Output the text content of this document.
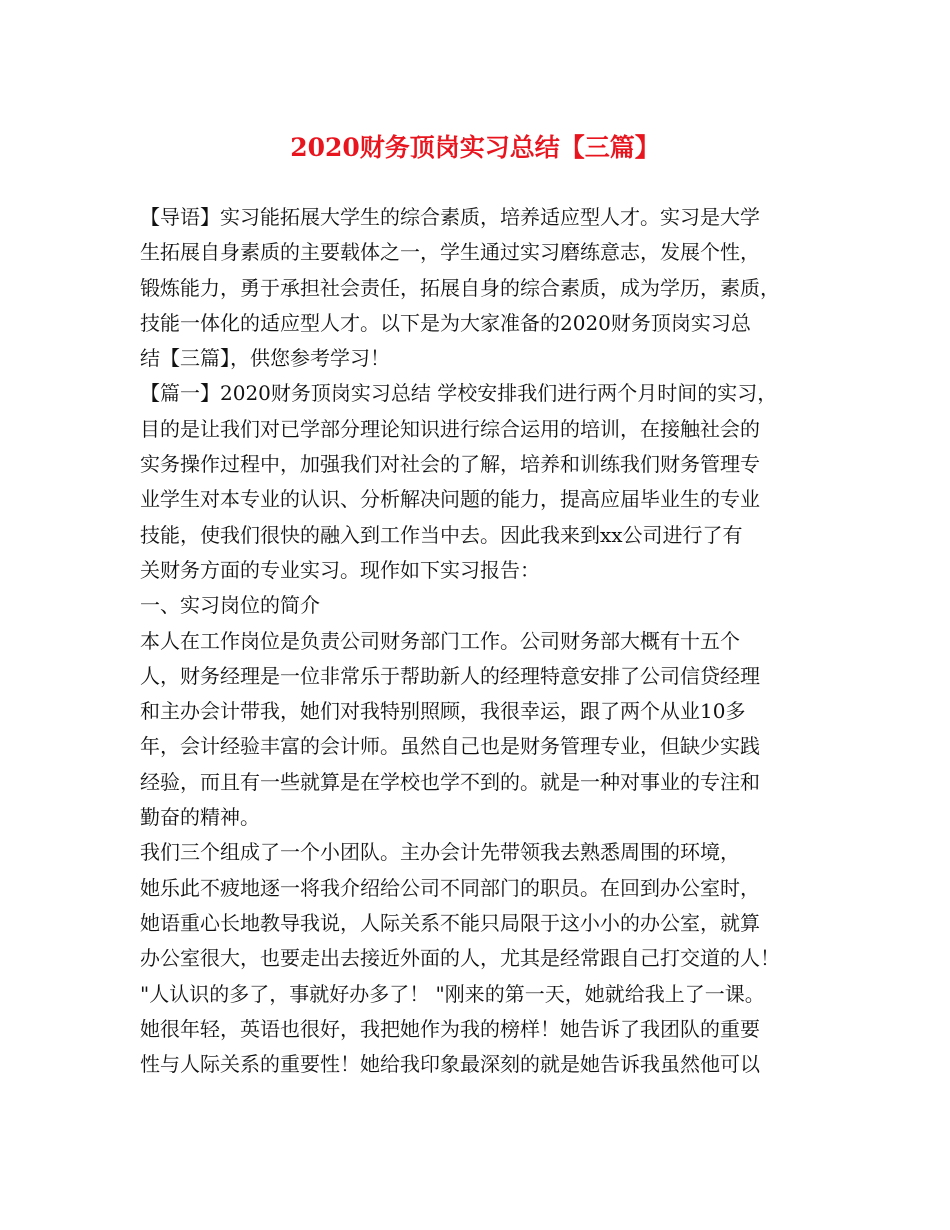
2020财务顶岗实习总结【三篇】
【导语】实习能拓展大学生的综合素质，培养适应型人才。实习是大学
生拓展自身素质的主要载体之一，学生通过实习磨练意志，发展个性，
锻炼能力，勇于承担社会责任，拓展自身的综合素质，成为学历，素质，
技能一体化的适应型人才。以下是为大家准备的2020财务顶岗实习总
结【三篇】，供您参考学习！
【篇一】2020财务顶岗实习总结 学校安排我们进行两个月时间的实习，
目的是让我们对已学部分理论知识进行综合运用的培训，在接触社会的
实务操作过程中，加强我们对社会的了解，培养和训练我们财务管理专
业学生对本专业的认识、分析解决问题的能力，提高应届毕业生的专业
技能，使我们很快的融入到工作当中去。因此我来到xx公司进行了有
关财务方面的专业实习。现作如下实习报告：
一、实习岗位的简介
本人在工作岗位是负责公司财务部门工作。公司财务部大概有十五个
人，财务经理是一位非常乐于帮助新人的经理特意安排了公司信贷经理
和主办会计带我，她们对我特别照顾，我很幸运，跟了两个从业10多
年，会计经验丰富的会计师。虽然自己也是财务管理专业，但缺少实践
经验，而且有一些就算是在学校也学不到的。就是一种对事业的专注和
勤奋的精神。
我们三个组成了一个小团队。主办会计先带领我去熟悉周围的环境，
她乐此不疲地逐一将我介绍给公司不同部门的职员。在回到办公室时，
她语重心长地教导我说，人际关系不能只局限于这小小的办公室，就算
办公室很大，也要走出去接近外面的人，尤其是经常跟自己打交道的人！
"人认识的多了，事就好办多了！ "刚来的第一天，她就给我上了一课。
她很年轻，英语也很好，我把她作为我的榜样！她告诉了我团队的重要
性与人际关系的重要性！她给我印象最深刻的就是她告诉我虽然他可以
